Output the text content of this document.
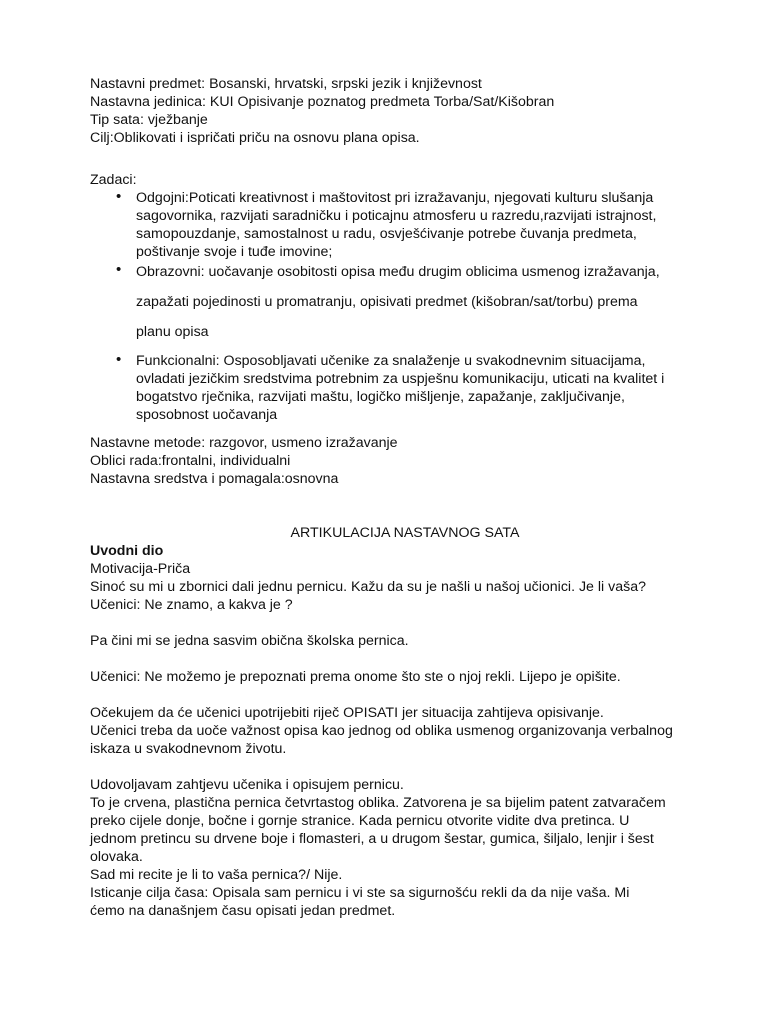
Nastavni predmet: Bosanski, hrvatski, srpski jezik i književnost
Nastavna jedinica: KUI Opisivanje poznatog predmeta Torba/Sat/Kišobran
Tip sata: vježbanje
Cilj:Oblikovati i ispričati priču na osnovu plana opisa.
Zadaci:
• Odgojni:Poticati kreativnost i maštovitost pri izražavanju, njegovati kulturu slušanja
sagovornika, razvijati saradničku i poticajnu atmosferu u razredu,razvijati istrajnost,
samopouzdanje, samostalnost u radu, osvješćivanje potrebe čuvanja predmeta,
poštivanje svoje i tuđe imovine;
• Obrazovni: uočavanje osobitosti opisa među drugim oblicima usmenog izražavanja,
zapažati pojedinosti u promatranju, opisivati predmet (kišobran/sat/torbu) prema
planu opisa
• Funkcionalni: Osposobljavati učenike za snalaženje u svakodnevnim situacijama,
ovladati jezičkim sredstvima potrebnim za uspješnu komunikaciju, uticati na kvalitet i
bogatstvo rječnika, razvijati maštu, logičko mišljenje, zapažanje, zaključivanje,
sposobnost uočavanja
Nastavne metode: razgovor, usmeno izražavanje
Oblici rada:frontalni, individualni
Nastavna sredstva i pomagala:osnovna
ARTIKULACIJA NASTAVNOG SATA
Uvodni dio
Motivacija-Priča
Sinoć su mi u zbornici dali jednu pernicu. Kažu da su je našli u našoj učionici. Je li vaša?
Učenici: Ne znamo, a kakva je ?
Pa čini mi se jedna sasvim obična školska pernica.
Učenici: Ne možemo je prepoznati prema onome što ste o njoj rekli. Lijepo je opišite.
Očekujem da će učenici upotrijebiti riječ OPISATI jer situacija zahtijeva opisivanje.
Učenici treba da uoče važnost opisa kao jednog od oblika usmenog organizovanja verbalnog
iskaza u svakodnevnom životu.
Udovoljavam zahtjevu učenika i opisujem pernicu.
To je crvena, plastična pernica četvrtastog oblika. Zatvorena je sa bijelim patent zatvaračem
preko cijele donje, bočne i gornje stranice. Kada pernicu otvorite vidite dva pretinca. U
jednom pretincu su drvene boje i flomasteri, a u drugom šestar, gumica, šiljalo, lenjir i šest
olovaka.
Sad mi recite je li to vaša pernica?/ Nije.
Isticanje cilja časa: Opisala sam pernicu i vi ste sa sigurnošću rekli da da nije vaša. Mi
ćemo na današnjem času opisati jedan predmet.
